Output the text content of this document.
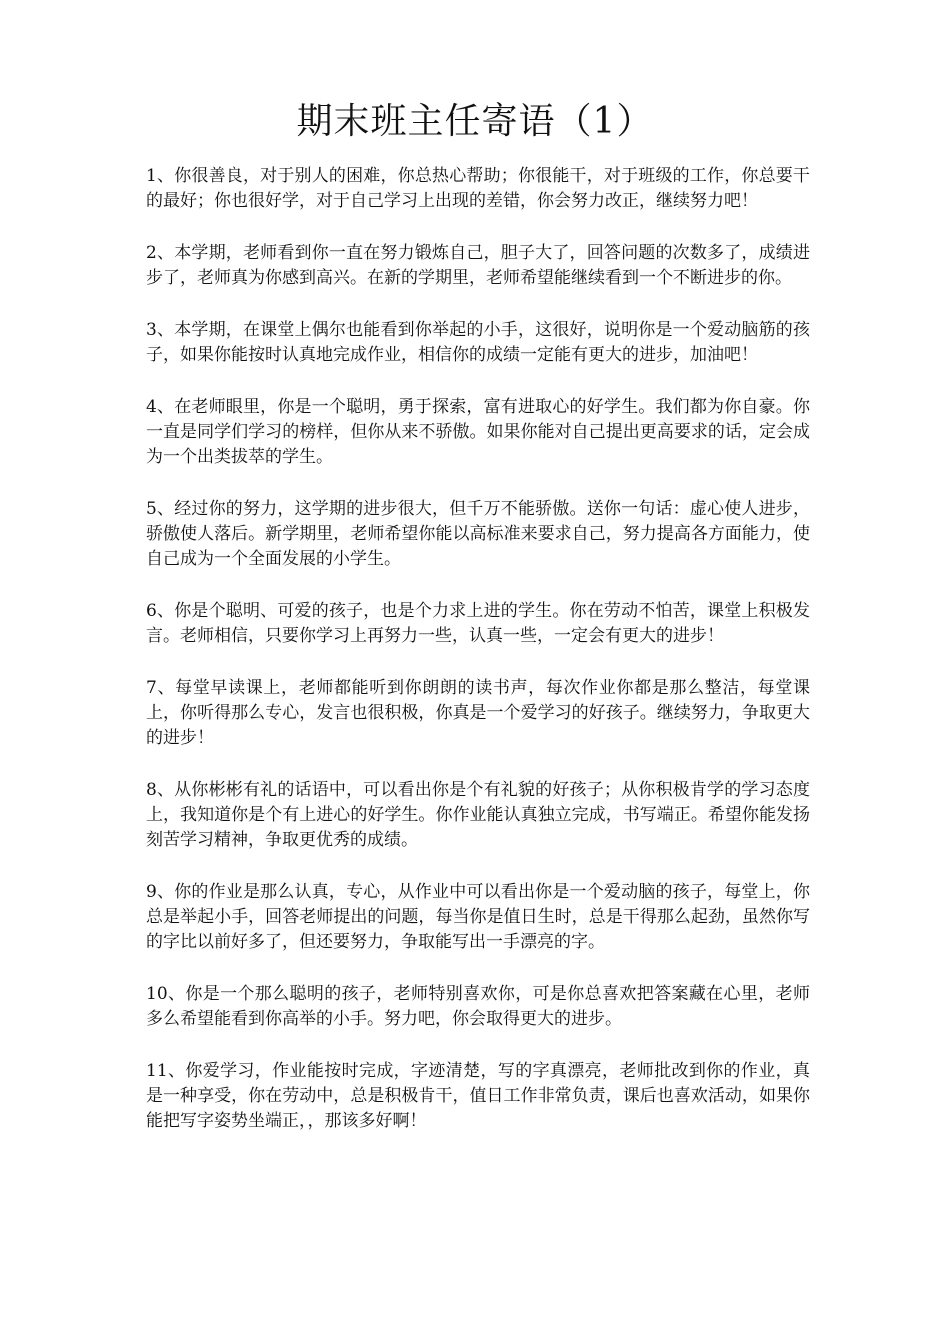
期末班主任寄语（1）

1、你很善良，对于别人的困难，你总热心帮助；你很能干，对于班级的工作，你总要干的最好；你也很好学，对于自己学习上出现的差错，你会努力改正，继续努力吧！

2、本学期，老师看到你一直在努力锻炼自己，胆子大了，回答问题的次数多了，成绩进步了，老师真为你感到高兴。在新的学期里，老师希望能继续看到一个不断进步的你。

3、本学期，在课堂上偶尔也能看到你举起的小手，这很好，说明你是一个爱动脑筋的孩子，如果你能按时认真地完成作业，相信你的成绩一定能有更大的进步，加油吧！

4、在老师眼里，你是一个聪明，勇于探索，富有进取心的好学生。我们都为你自豪。你一直是同学们学习的榜样，但你从来不骄傲。如果你能对自己提出更高要求的话，定会成为一个出类拔萃的学生。

5、经过你的努力，这学期的进步很大，但千万不能骄傲。送你一句话：虚心使人进步，骄傲使人落后。新学期里，老师希望你能以高标准来要求自己，努力提高各方面能力，使自己成为一个全面发展的小学生。

6、你是个聪明、可爱的孩子，也是个力求上进的学生。你在劳动不怕苦，课堂上积极发言。老师相信，只要你学习上再努力一些，认真一些，一定会有更大的进步！

7、每堂早读课上，老师都能听到你朗朗的读书声，每次作业你都是那么整洁，每堂课上，你听得那么专心，发言也很积极，你真是一个爱学习的好孩子。继续努力，争取更大的进步！

8、从你彬彬有礼的话语中，可以看出你是个有礼貌的好孩子；从你积极肯学的学习态度上，我知道你是个有上进心的好学生。你作业能认真独立完成，书写端正。希望你能发扬刻苦学习精神，争取更优秀的成绩。

9、你的作业是那么认真，专心，从作业中可以看出你是一个爱动脑的孩子，每堂上，你总是举起小手，回答老师提出的问题，每当你是值日生时，总是干得那么起劲，虽然你写的字比以前好多了，但还要努力，争取能写出一手漂亮的字。

10、你是一个那么聪明的孩子，老师特别喜欢你，可是你总喜欢把答案藏在心里，老师多么希望能看到你高举的小手。努力吧，你会取得更大的进步。

11、你爱学习，作业能按时完成，字迹清楚，写的字真漂亮，老师批改到你的作业，真是一种享受，你在劳动中，总是积极肯干，值日工作非常负责，课后也喜欢活动，如果你能把写字姿势坐端正，，那该多好啊！
